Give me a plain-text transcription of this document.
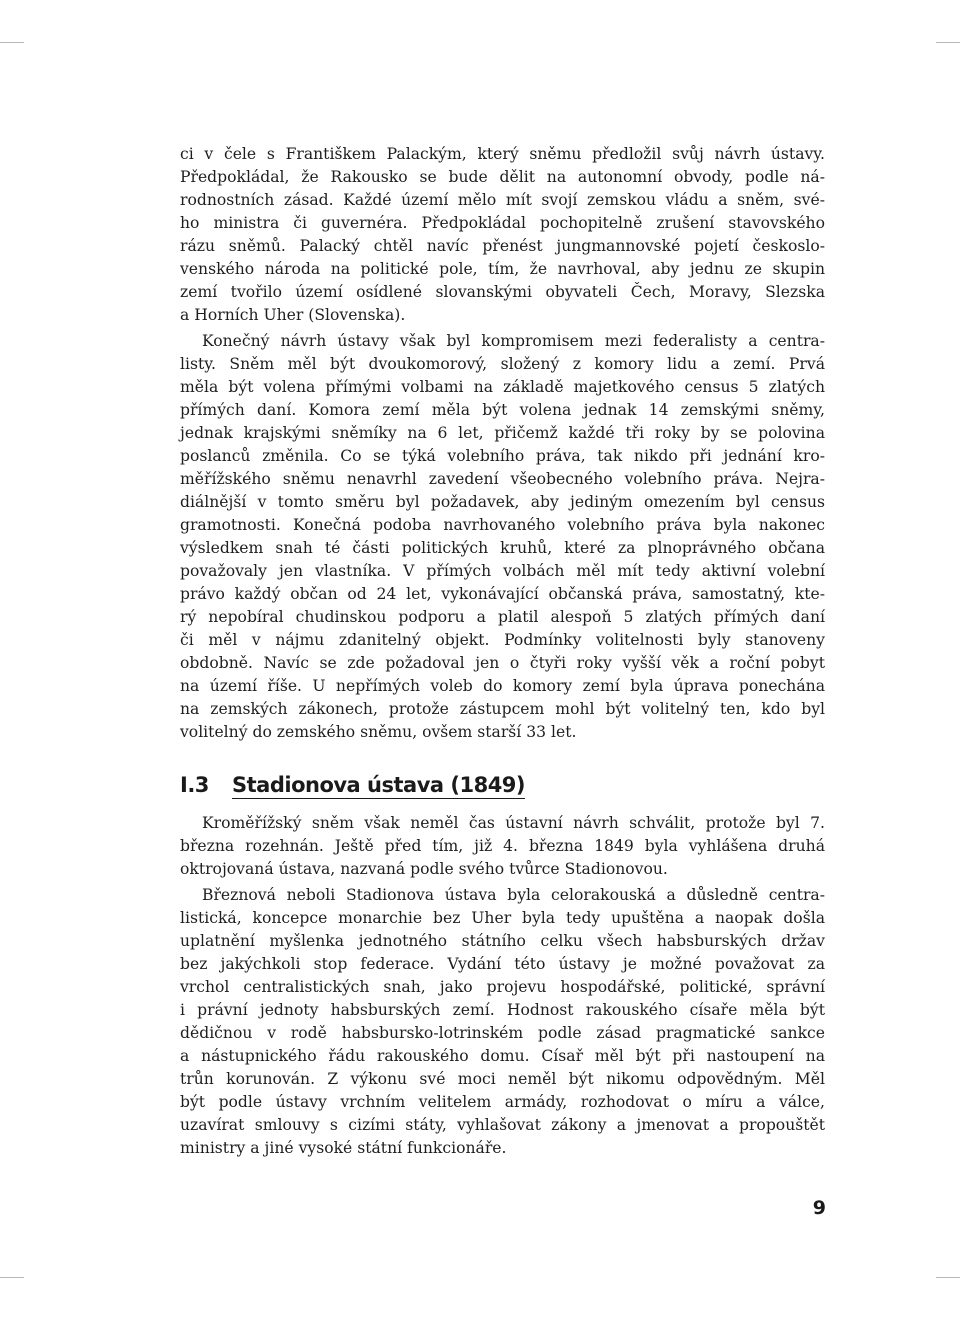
ci v čele s Františkem Palackým, který sněmu předložil svůj návrh ústavy.

Předpokládal, že Rakousko se bude dělit na autonomní obvody, podle ná-

rodnostních zásad. Každé území mělo mít svojí zemskou vládu a sněm, své-

ho ministra či guvernéra. Předpokládal pochopitelně zrušení stavovského

rázu sněmů. Palacký chtěl navíc přenést jungmannovské pojetí českoslo-

venského národa na politické pole, tím, že navrhoval, aby jednu ze skupin

zemí tvořilo území osídlené slovanskými obyvateli Čech, Moravy, Slezska

a Horních Uher (Slovenska).

Konečný návrh ústavy však byl kompromisem mezi federalisty a centra-

listy. Sněm měl být dvoukomorový, složený z komory lidu a zemí. Prvá

měla být volena přímými volbami na základě majetkového census 5 zlatých

přímých daní. Komora zemí měla být volena jednak 14 zemskými sněmy,

jednak krajskými sněmíky na 6 let, přičemž každé tři roky by se polovina

poslanců změnila. Co se týká volebního práva, tak nikdo při jednání kro-

měřížského sněmu nenavrhl zavedení všeobecného volebního práva. Nejra-

diálnější v tomto směru byl požadavek, aby jediným omezením byl census

gramotnosti. Konečná podoba navrhovaného volebního práva byla nakonec

výsledkem snah té části politických kruhů, které za plnoprávného občana

považovaly jen vlastníka. V přímých volbách měl mít tedy aktivní volební

právo každý občan od 24 let, vykonávající občanská práva, samostatný, kte-

rý nepobíral chudinskou podporu a platil alespoň 5 zlatých přímých daní

či měl v nájmu zdanitelný objekt. Podmínky volitelnosti byly stanoveny

obdobně. Navíc se zde požadoval jen o čtyři roky vyšší věk a roční pobyt

na území říše. U nepřímých voleb do komory zemí byla úprava ponechána

na zemských zákonech, protože zástupcem mohl být volitelný ten, kdo byl

volitelný do zemského sněmu, ovšem starší 33 let.

I.3 Stadionova ústava (1849)

Kroměřížský sněm však neměl čas ústavní návrh schválit, protože byl 7.

března rozehnán. Ještě před tím, již 4. března 1849 byla vyhlášena druhá

oktrojovaná ústava, nazvaná podle svého tvůrce Stadionovou.

Březnová neboli Stadionova ústava byla celorakouská a důsledně centra-

listická, koncepce monarchie bez Uher byla tedy upuštěna a naopak došla

uplatnění myšlenka jednotného státního celku všech habsburských držav

bez jakýchkoli stop federace. Vydání této ústavy je možné považovat za

vrchol centralistických snah, jako projevu hospodářské, politické, správní

i právní jednoty habsburských zemí. Hodnost rakouského císaře měla být

dědičnou v rodě habsbursko-lotrinském podle zásad pragmatické sankce

a nástupnického řádu rakouského domu. Císař měl být při nastoupení na

trůn korunován. Z výkonu své moci neměl být nikomu odpovědným. Měl

být podle ústavy vrchním velitelem armády, rozhodovat o míru a válce,

uzavírat smlouvy s cizími státy, vyhlašovat zákony a jmenovat a propouštět

ministry a jiné vysoké státní funkcionáře.

9
